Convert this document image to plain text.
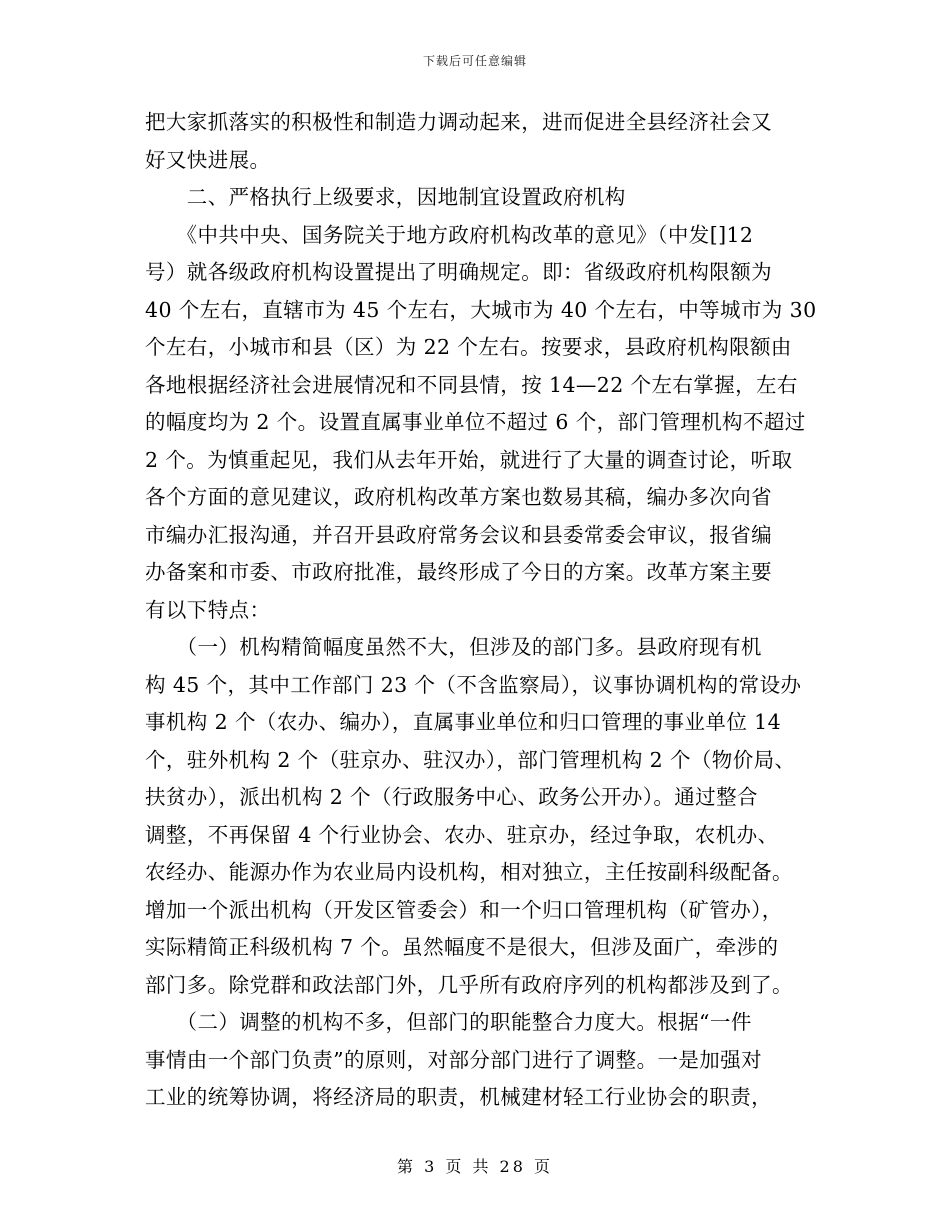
下载后可任意编辑
把大家抓落实的积极性和制造力调动起来，进而促进全县经济社会又
好又快进展。
　　二、严格执行上级要求，因地制宜设置政府机构
　　《中共中央、国务院关于地方政府机构改革的意见》（中发[]12
号）就各级政府机构设置提出了明确规定。即：省级政府机构限额为
40 个左右，直辖市为 45 个左右，大城市为 40 个左右，中等城市为 30
个左右，小城市和县（区）为 22 个左右。按要求，县政府机构限额由
各地根据经济社会进展情况和不同县情，按 14—22 个左右掌握，左右
的幅度均为 2 个。设置直属事业单位不超过 6 个，部门管理机构不超过
2 个。为慎重起见，我们从去年开始，就进行了大量的调查讨论，听取
各个方面的意见建议，政府机构改革方案也数易其稿，编办多次向省
市编办汇报沟通，并召开县政府常务会议和县委常委会审议，报省编
办备案和市委、市政府批准，最终形成了今日的方案。改革方案主要
有以下特点：
　　（一）机构精简幅度虽然不大，但涉及的部门多。县政府现有机
构 45 个，其中工作部门 23 个（不含监察局），议事协调机构的常设办
事机构 2 个（农办、编办），直属事业单位和归口管理的事业单位 14
个，驻外机构 2 个（驻京办、驻汉办），部门管理机构 2 个（物价局、
扶贫办），派出机构 2 个（行政服务中心、政务公开办）。通过整合
调整，不再保留 4 个行业协会、农办、驻京办，经过争取，农机办、
农经办、能源办作为农业局内设机构，相对独立，主任按副科级配备。
增加一个派出机构（开发区管委会）和一个归口管理机构（矿管办），
实际精简正科级机构 7 个。虽然幅度不是很大，但涉及面广，牵涉的
部门多。除党群和政法部门外，几乎所有政府序列的机构都涉及到了。
　　（二）调整的机构不多，但部门的职能整合力度大。根据“一件
事情由一个部门负责”的原则，对部分部门进行了调整。一是加强对
工业的统筹协调，将经济局的职责，机械建材轻工行业协会的职责，
第 3 页 共 28 页
